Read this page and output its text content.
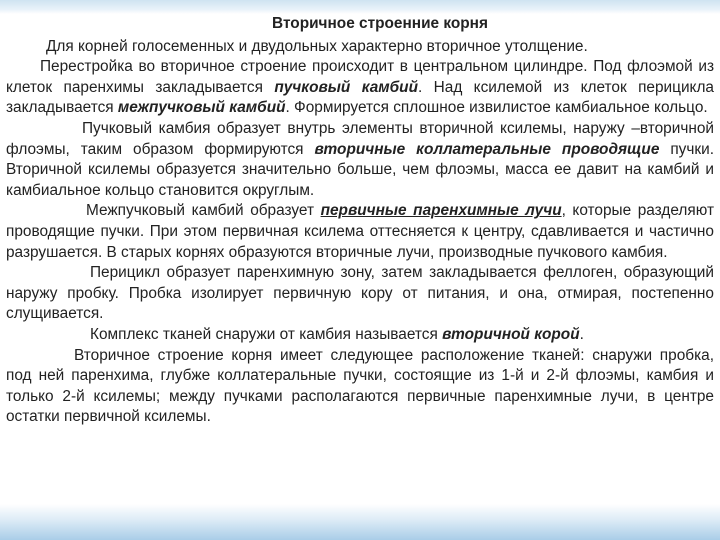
Вторичное строенние корня

Для корней голосеменных и двудольных характерно вторичное утолщение.

Перестройка во вторичное строение происходит в центральном цилиндре. Под флоэмой из клеток паренхимы закладывается пучковый камбий. Над ксилемой из клеток перицикла закладывается межпучковый камбий. Формируется сплошное извилистое камбиальное кольцо.

Пучковый камбия образует внутрь элементы вторичной ксилемы, наружу –вторичной флоэмы, таким образом формируются вторичные коллатеральные проводящие пучки. Вторичной ксилемы образуется значительно больше, чем флоэмы, масса ее давит на камбий и камбиальное кольцо становится округлым.

Межпучковый камбий образует первичные паренхимные лучи, которые разделяют проводящие пучки. При этом первичная ксилема оттесняется к центру, сдавливается и частично разрушается. В старых корнях образуются вторичные лучи, производные пучкового камбия.

Перицикл образует паренхимную зону, затем закладывается феллоген, образующий наружу пробку. Пробка изолирует первичную кору от питания, и она, отмирая, постепенно слущивается.

Комплекс тканей снаружи от камбия называется вторичной корой.

Вторичное строение корня имеет следующее расположение тканей: снаружи пробка, под ней паренхима, глубже коллатеральные пучки, состоящие из 1-й и 2-й флоэмы, камбия и только 2-й ксилемы; между пучками располагаются первичные паренхимные лучи, в центре остатки первичной ксилемы.
